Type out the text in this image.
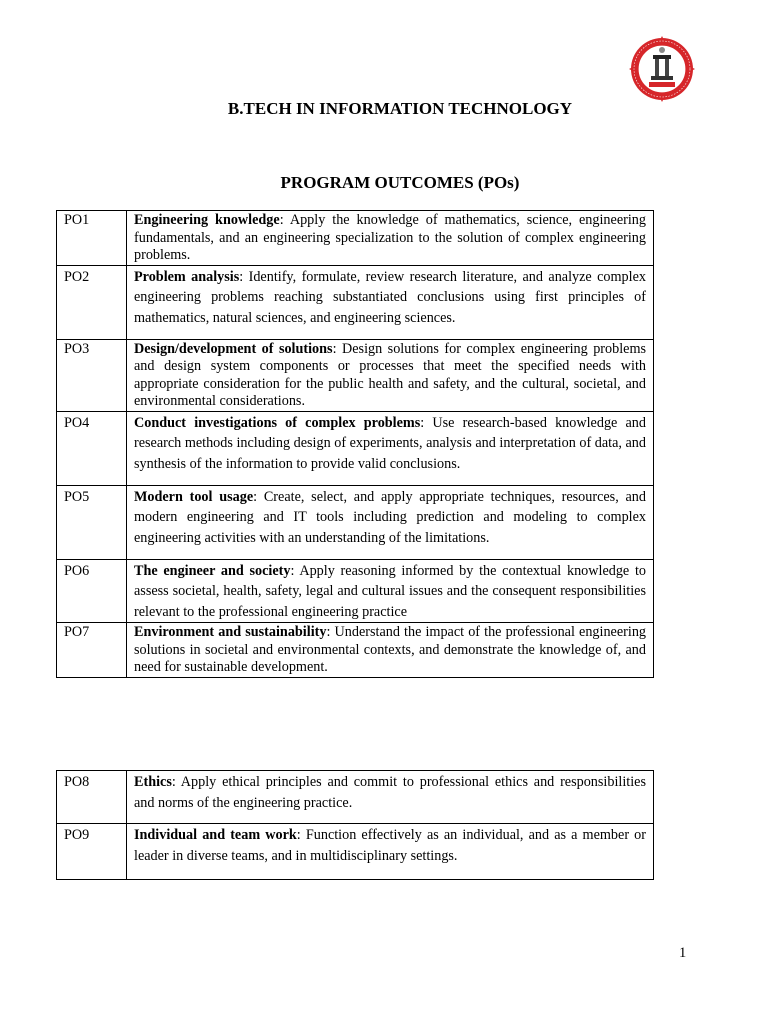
B.TECH IN INFORMATION TECHNOLOGY
PROGRAM OUTCOMES (POs)
PO1	Engineering knowledge: Apply the knowledge of mathematics, science, engineering fundamentals, and an engineering specialization to the solution of complex engineering problems.
PO2	Problem analysis: Identify, formulate, review research literature, and analyze complex engineering problems reaching substantiated conclusions using first principles of mathematics, natural sciences, and engineering sciences.
PO3	Design/development of solutions: Design solutions for complex engineering problems and design system components or processes that meet the specified needs with appropriate consideration for the public health and safety, and the cultural, societal, and environmental considerations.
PO4	Conduct investigations of complex problems: Use research-based knowledge and research methods including design of experiments, analysis and interpretation of data, and synthesis of the information to provide valid conclusions.
PO5	Modern tool usage: Create, select, and apply appropriate techniques, resources, and modern engineering and IT tools including prediction and modeling to complex engineering activities with an understanding of the limitations.
PO6	The engineer and society: Apply reasoning informed by the contextual knowledge to assess societal, health, safety, legal and cultural issues and the consequent responsibilities relevant to the professional engineering practice
PO7	Environment and sustainability: Understand the impact of the professional engineering solutions in societal and environmental contexts, and demonstrate the knowledge of, and need for sustainable development.
PO8	Ethics: Apply ethical principles and commit to professional ethics and responsibilities and norms of the engineering practice.
PO9	Individual and team work: Function effectively as an individual, and as a member or leader in diverse teams, and in multidisciplinary settings.
1
